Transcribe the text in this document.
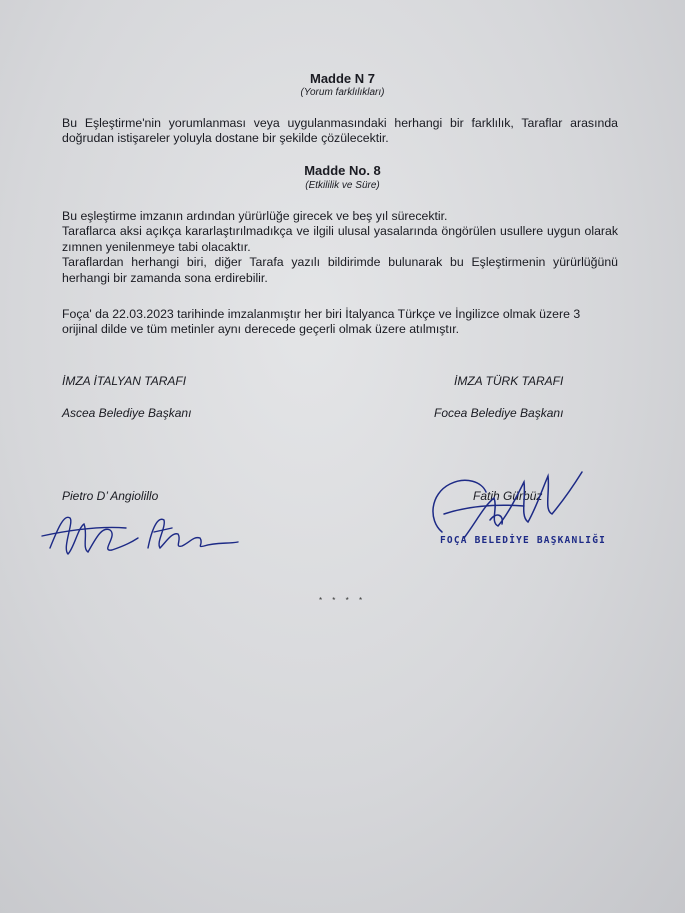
Madde N 7
(Yorum farklılıkları)
Bu Eşleştirme'nin yorumlanması veya uygulanmasındaki herhangi bir farklılık, Taraflar arasında doğrudan istişareler yoluyla dostane bir şekilde çözülecektir.
Madde No. 8
(Etkililik ve Süre)
Bu eşleştirme imzanın ardından yürürlüğe girecek ve beş yıl sürecektir.
Taraflarca aksi açıkça kararlaştırılmadıkça ve ilgili ulusal yasalarında öngörülen usullere uygun olarak zımnen yenilenmeye tabi olacaktır.
Taraflardan herhangi biri, diğer Tarafa yazılı bildirimde bulunarak bu Eşleştirmenin yürürlüğünü herhangi bir zamanda sona erdirebilir.
Foça' da 22.03.2023 tarihinde imzalanmıştır her biri İtalyanca Türkçe ve İngilizce olmak üzere 3 orijinal dilde ve tüm metinler aynı derecede geçerli olmak üzere atılmıştır.
İMZA İTALYAN TARAFI
Ascea Belediye Başkanı
Pietro D’ Angiolillo
İMZA TÜRK TARAFI
Focea Belediye Başkanı
Fatih Gürbüz
FOÇA BELEDİYE BAŞKANLIĞI
* * * *
